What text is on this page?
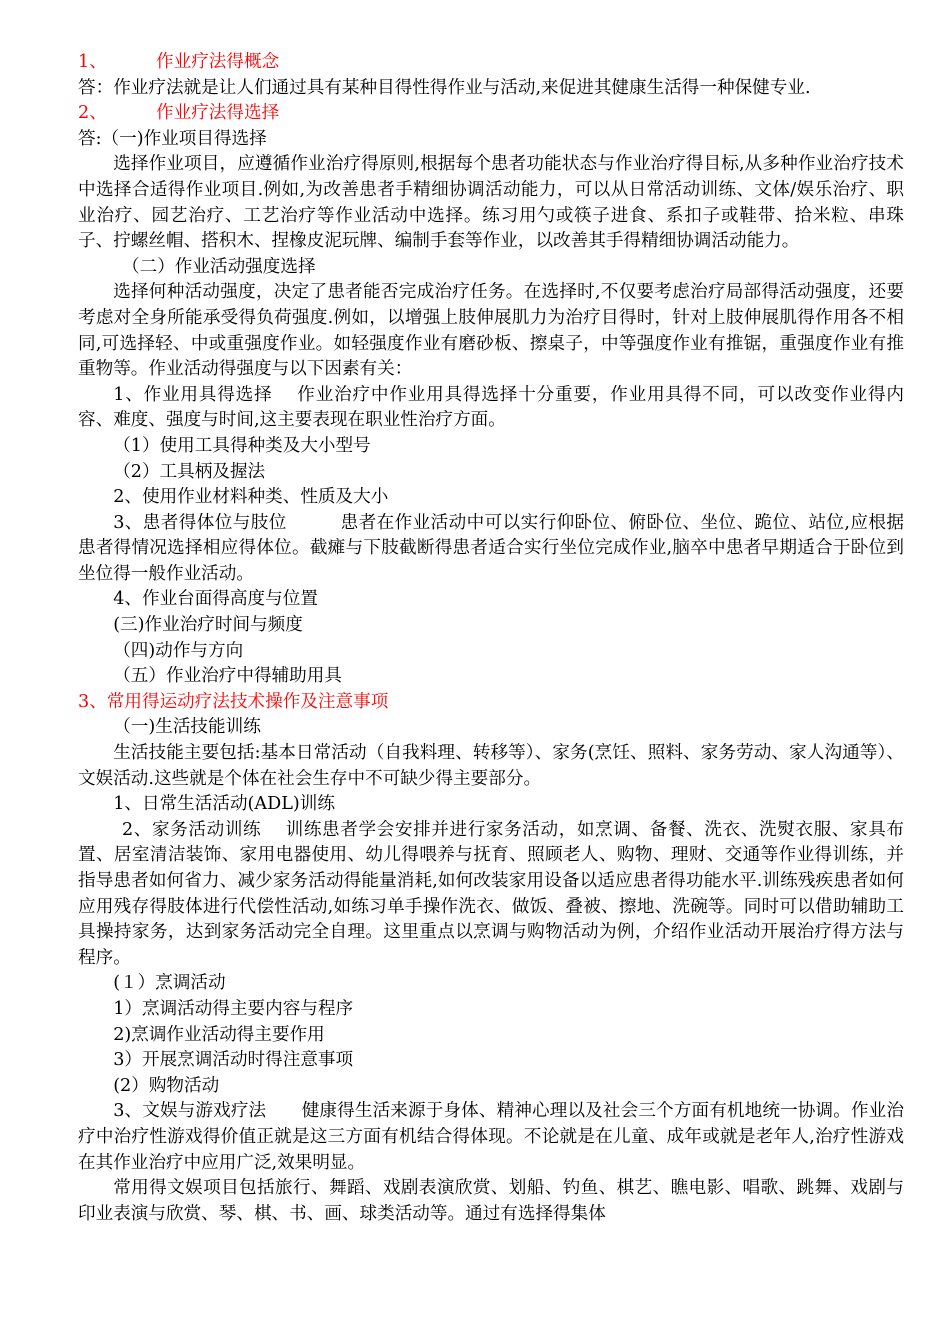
1、	作业疗法得概念

答：作业疗法就是让人们通过具有某种目得性得作业与活动,来促进其健康生活得一种保健专业.

2、	作业疗法得选择

答:（一)作业项目得选择

选择作业项目，应遵循作业治疗得原则,根据每个患者功能状态与作业治疗得目标,从多种作业治疗技术中选择合适得作业项目.例如,为改善患者手精细协调活动能力，可以从日常活动训练、文体/娱乐治疗、职业治疗、园艺治疗、工艺治疗等作业活动中选择。练习用勺或筷子进食、系扣子或鞋带、拾米粒、串珠子、拧螺丝帽、搭积木、捏橡皮泥玩牌、编制手套等作业，以改善其手得精细协调活动能力。

（二）作业活动强度选择

选择何种活动强度，决定了患者能否完成治疗任务。在选择时,不仅要考虑治疗局部得活动强度，还要考虑对全身所能承受得负荷强度.例如，以增强上肢伸展肌力为治疗目得时，针对上肢伸展肌得作用各不相同,可选择轻、中或重强度作业。如轻强度作业有磨砂板、擦桌子，中等强度作业有推锯，重强度作业有推重物等。作业活动得强度与以下因素有关：

1、作业用具得选择　 作业治疗中作业用具得选择十分重要，作业用具得不同，可以改变作业得内容、难度、强度与时间,这主要表现在职业性治疗方面。

（1）使用工具得种类及大小型号

（2）工具柄及握法

2、使用作业材料种类、性质及大小

3、患者得体位与肢位　　　患者在作业活动中可以实行仰卧位、俯卧位、坐位、跪位、站位,应根据患者得情况选择相应得体位。截瘫与下肢截断得患者适合实行坐位完成作业,脑卒中患者早期适合于卧位到坐位得一般作业活动。

4、作业台面得高度与位置

(三)作业治疗时间与频度

（四)动作与方向

（五）作业治疗中得辅助用具

3、常用得运动疗法技术操作及注意事项

（一)生活技能训练

生活技能主要包括:基本日常活动（自我料理、转移等）、家务(烹饪、照料、家务劳动、家人沟通等）、文娱活动.这些就是个体在社会生存中不可缺少得主要部分。

1、日常生活活动(ADL)训练

2、家务活动训练　 训练患者学会安排并进行家务活动，如烹调、备餐、洗衣、洗熨衣服、家具布置、居室清洁装饰、家用电器使用、幼儿得喂养与抚育、照顾老人、购物、理财、交通等作业得训练，并指导患者如何省力、减少家务活动得能量消耗,如何改装家用设备以适应患者得功能水平.训练残疾患者如何应用残存得肢体进行代偿性活动,如练习单手操作洗衣、做饭、叠被、擦地、洗碗等。同时可以借助辅助工具操持家务，达到家务活动完全自理。这里重点以烹调与购物活动为例，介绍作业活动开展治疗得方法与程序。

(１）烹调活动

1）烹调活动得主要内容与程序

2)烹调作业活动得主要作用

3）开展烹调活动时得注意事项

(2）购物活动

3、文娱与游戏疗法　　健康得生活来源于身体、精神心理以及社会三个方面有机地统一协调。作业治疗中治疗性游戏得价值正就是这三方面有机结合得体现。不论就是在儿童、成年或就是老年人,治疗性游戏在其作业治疗中应用广泛,效果明显。

常用得文娱项目包括旅行、舞蹈、戏剧表演欣赏、划船、钓鱼、棋艺、瞧电影、唱歌、跳舞、戏剧与印业表演与欣赏、琴、棋、书、画、球类活动等。通过有选择得集体
